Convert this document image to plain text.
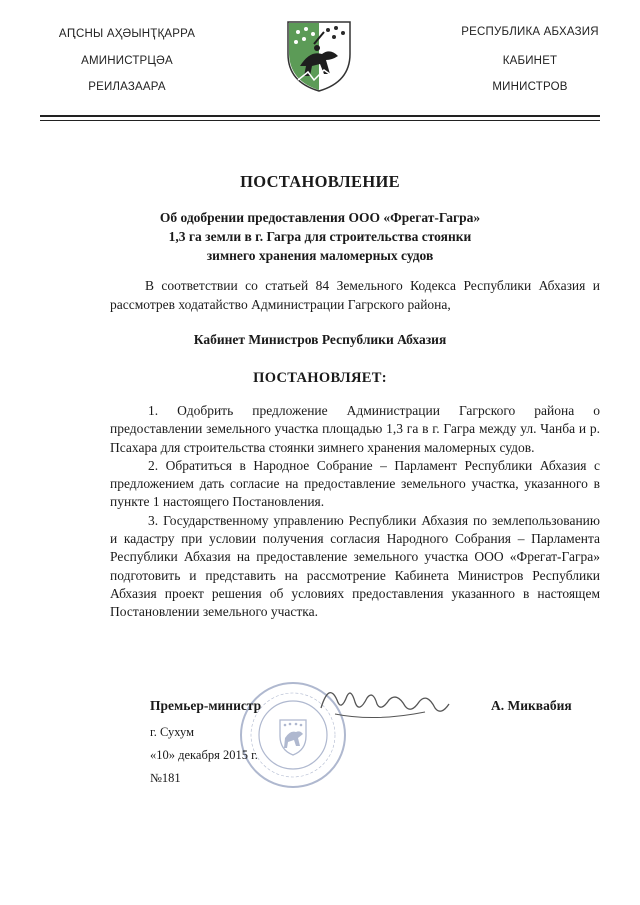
АԤСНЫ АҲӘЫНҬҚАРРА
АМИНИСТРЦӘА
РЕИЛАЗААРА
РЕСПУБЛИКА АБХАЗИЯ
КАБИНЕТ
МИНИСТРОВ
ПОСТАНОВЛЕНИЕ
Об одобрении предоставления ООО «Фрегат-Гагра»
1,3 га земли в г. Гагра для строительства стоянки
зимнего хранения маломерных судов
В соответствии со статьей 84 Земельного Кодекса Республики Абхазия и рассмотрев ходатайство Администрации Гагрского района,
Кабинет Министров Республики Абхазия
ПОСТАНОВЛЯЕТ:

1. Одобрить предложение Администрации Гагрского района о предоставлении земельного участка площадью 1,3 га в г. Гагра между ул. Чанба и р. Псахара для строительства стоянки зимнего хранения маломерных судов.

2. Обратиться в Народное Собрание – Парламент Республики Абхазия с предложением дать согласие на предоставление земельного участка, указанного в пункте 1 настоящего Постановления.

3. Государственному управлению Республики Абхазия по землепользованию и кадастру при условии получения согласия Народного Собрания – Парламента Республики Абхазия на предоставление земельного участка ООО «Фрегат-Гагра» подготовить и представить на рассмотрение Кабинета Министров Республики Абхазия проект решения об условиях предоставления указанного в настоящем Постановлении земельного участка.

Премьер-министр	А. Миквабия
г. Сухум
«10» декабря 2015 г.
№181
